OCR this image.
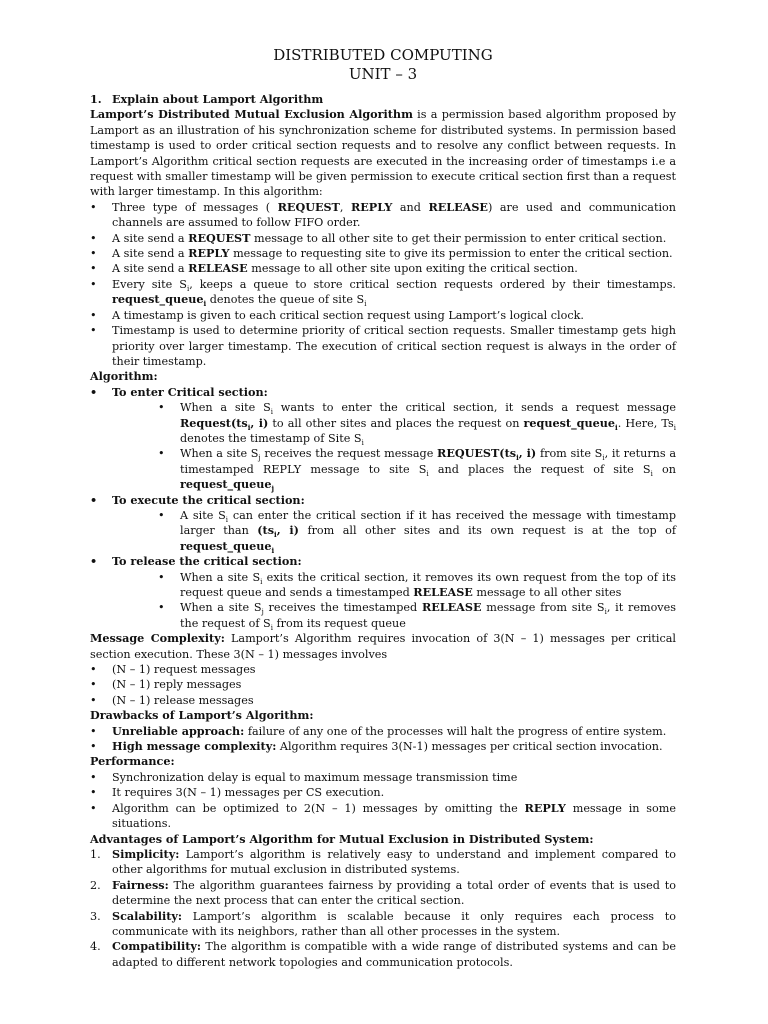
DISTRIBUTED COMPUTING
UNIT – 3
1. Explain about Lamport Algorithm

Lamport’s Distributed Mutual Exclusion Algorithm is a permission based algorithm proposed by Lamport as an illustration of his synchronization scheme for distributed systems. In permission based timestamp is used to order critical section requests and to resolve any conflict between requests. In Lamport’s Algorithm critical section requests are executed in the increasing order of timestamps i.e a request with smaller timestamp will be given permission to execute critical section first than a request with larger timestamp. In this algorithm:

• Three type of messages ( REQUEST, REPLY and RELEASE) are used and communication channels are assumed to follow FIFO order.
• A site send a REQUEST message to all other site to get their permission to enter critical section.
• A site send a REPLY message to requesting site to give its permission to enter the critical section.
• A site send a RELEASE message to all other site upon exiting the critical section.
• Every site $S_i$, keeps a queue to store critical section requests ordered by their timestamps. request_queue$_i$ denotes the queue of site $S_i$
• A timestamp is given to each critical section request using Lamport’s logical clock.
• Timestamp is used to determine priority of critical section requests. Smaller timestamp gets high priority over larger timestamp. The execution of critical section request is always in the order of their timestamp.
Algorithm:
• To enter Critical section:
• When a site $S_i$ wants to enter the critical section, it sends a request message $Request(ts_i$, i) to all other sites and places the request on request_queue$_i$. Here, $Ts_i$ denotes the timestamp of Site $S_i$
• When a site $S_j$ receives the request message $REQUEST(ts_i$, i) from site $S_i$, it returns a timestamped REPLY message to site $S_i$ and places the request of site $S_i$ on request_queue$_j$
• To execute the critical section:
• A site $S_i$ can enter the critical section if it has received the message with timestamp larger than ($ts_i$, i) from all other sites and its own request is at the top of request_queue$_i$
• To release the critical section:
• When a site $S_i$ exits the critical section, it removes its own request from the top of its request queue and sends a timestamped RELEASE message to all other sites
• When a site $S_j$ receives the timestamped RELEASE message from site $S_i$, it removes the request of $S_i$ from its request queue

Message Complexity: Lamport’s Algorithm requires invocation of 3(N – 1) messages per critical section execution. These 3(N – 1) messages involves

• (N – 1) request messages
• (N – 1) reply messages
• (N – 1) release messages
Drawbacks of Lamport’s Algorithm:
• Unreliable approach: failure of any one of the processes will halt the progress of entire system.
• High message complexity: Algorithm requires 3(N-1) messages per critical section invocation.
Performance:
• Synchronization delay is equal to maximum message transmission time
• It requires 3(N – 1) messages per CS execution.
• Algorithm can be optimized to 2(N – 1) messages by omitting the REPLY message in some situations.
Advantages of Lamport’s Algorithm for Mutual Exclusion in Distributed System:
1. Simplicity: Lamport’s algorithm is relatively easy to understand and implement compared to other algorithms for mutual exclusion in distributed systems.
2. Fairness: The algorithm guarantees fairness by providing a total order of events that is used to determine the next process that can enter the critical section.
3. Scalability: Lamport’s algorithm is scalable because it only requires each process to communicate with its neighbors, rather than all other processes in the system.
4. Compatibility: The algorithm is compatible with a wide range of distributed systems and can be adapted to different network topologies and communication protocols.
